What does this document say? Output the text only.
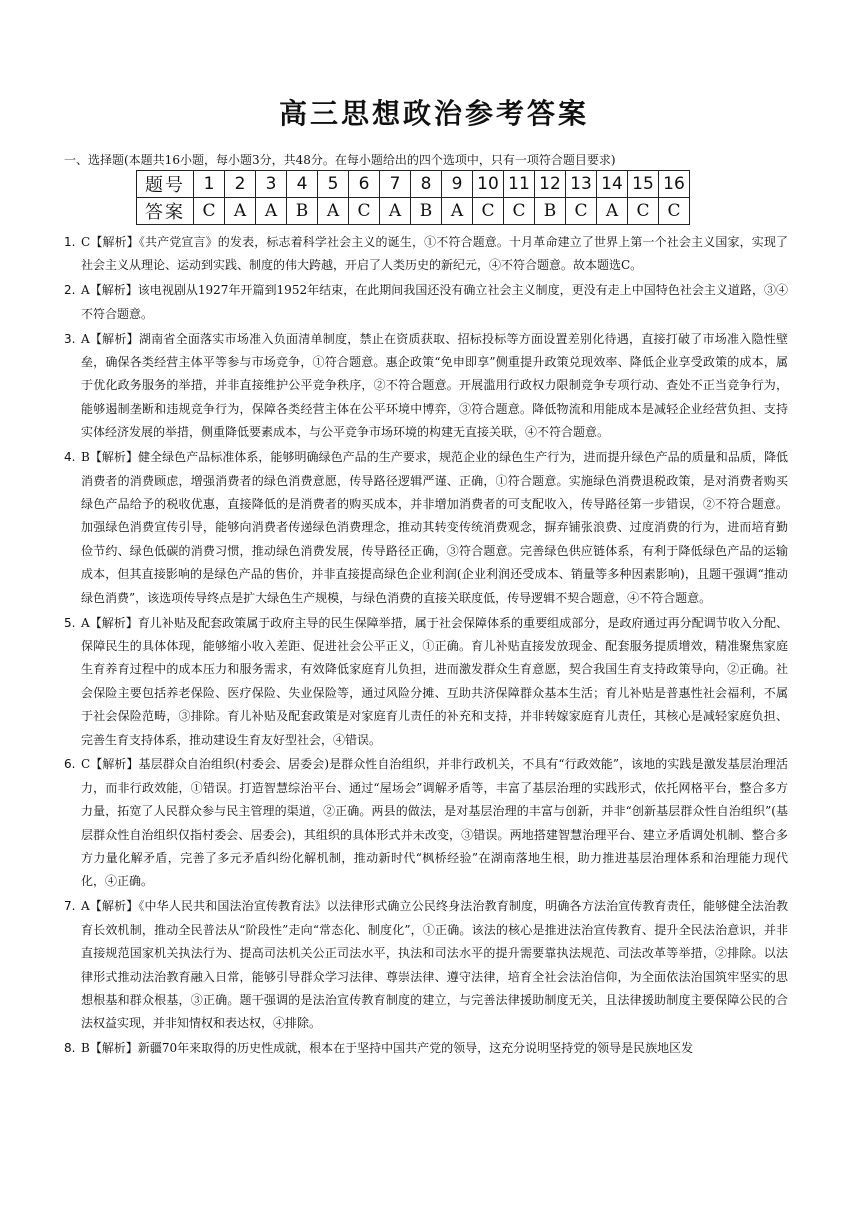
高三思想政治参考答案
一、选择题(本题共16小题，每小题3分，共48分。在每小题给出的四个选项中，只有一项符合题目要求)
题号	1	2	3	4	5	6	7	8	9	10	11	12	13	14	15	16
答案	C	A	A	B	A	C	A	B	A	C	C	B	C	A	C	C
1. C【解析】《共产党宣言》的发表，标志着科学社会主义的诞生，①不符合题意。十月革命建立了世界上第一个社会主义国家，实现了社会主义从理论、运动到实践、制度的伟大跨越，开启了人类历史的新纪元，④不符合题意。故本题选C。
2. A【解析】该电视剧从1927年开篇到1952年结束，在此期间我国还没有确立社会主义制度，更没有走上中国特色社会主义道路，③④不符合题意。
3. A【解析】湖南省全面落实市场准入负面清单制度，禁止在资质获取、招标投标等方面设置差别化待遇，直接打破了市场准入隐性壁垒，确保各类经营主体平等参与市场竞争，①符合题意。惠企政策“免申即享”侧重提升政策兑现效率、降低企业享受政策的成本，属于优化政务服务的举措，并非直接维护公平竞争秩序，②不符合题意。开展滥用行政权力限制竞争专项行动、查处不正当竞争行为，能够遏制垄断和违规竞争行为，保障各类经营主体在公平环境中博弈，③符合题意。降低物流和用能成本是减轻企业经营负担、支持实体经济发展的举措，侧重降低要素成本，与公平竞争市场环境的构建无直接关联，④不符合题意。
4. B【解析】健全绿色产品标准体系，能够明确绿色产品的生产要求，规范企业的绿色生产行为，进而提升绿色产品的质量和品质，降低消费者的消费顾虑，增强消费者的绿色消费意愿，传导路径逻辑严谨、正确，①符合题意。实施绿色消费退税政策，是对消费者购买绿色产品给予的税收优惠，直接降低的是消费者的购买成本，并非增加消费者的可支配收入，传导路径第一步错误，②不符合题意。加强绿色消费宣传引导，能够向消费者传递绿色消费理念，推动其转变传统消费观念，摒弃铺张浪费、过度消费的行为，进而培育勤俭节约、绿色低碳的消费习惯，推动绿色消费发展，传导路径正确，③符合题意。完善绿色供应链体系，有利于降低绿色产品的运输成本，但其直接影响的是绿色产品的售价，并非直接提高绿色企业利润(企业利润还受成本、销量等多种因素影响)，且题干强调“推动绿色消费”，该选项传导终点是扩大绿色生产规模，与绿色消费的直接关联度低，传导逻辑不契合题意，④不符合题意。
5. A【解析】育儿补贴及配套政策属于政府主导的民生保障举措，属于社会保障体系的重要组成部分，是政府通过再分配调节收入分配、保障民生的具体体现，能够缩小收入差距、促进社会公平正义，①正确。育儿补贴直接发放现金、配套服务提质增效，精准聚焦家庭生育养育过程中的成本压力和服务需求，有效降低家庭育儿负担，进而激发群众生育意愿，契合我国生育支持政策导向，②正确。社会保险主要包括养老保险、医疗保险、失业保险等，通过风险分摊、互助共济保障群众基本生活；育儿补贴是普惠性社会福利，不属于社会保险范畴，③排除。育儿补贴及配套政策是对家庭育儿责任的补充和支持，并非转嫁家庭育儿责任，其核心是减轻家庭负担、完善生育支持体系，推动建设生育友好型社会，④错误。
6. C【解析】基层群众自治组织(村委会、居委会)是群众性自治组织，并非行政机关，不具有“行政效能”，该地的实践是激发基层治理活力，而非行政效能，①错误。打造智慧综治平台、通过“屋场会”调解矛盾等，丰富了基层治理的实践形式，依托网格平台，整合多方力量，拓宽了人民群众参与民主管理的渠道，②正确。两县的做法，是对基层治理的丰富与创新，并非“创新基层群众性自治组织”(基层群众性自治组织仅指村委会、居委会)，其组织的具体形式并未改变，③错误。两地搭建智慧治理平台、建立矛盾调处机制、整合多方力量化解矛盾，完善了多元矛盾纠纷化解机制，推动新时代“枫桥经验”在湖南落地生根，助力推进基层治理体系和治理能力现代化，④正确。
7. A【解析】《中华人民共和国法治宣传教育法》以法律形式确立公民终身法治教育制度，明确各方法治宣传教育责任，能够健全法治教育长效机制，推动全民普法从“阶段性”走向“常态化、制度化”，①正确。该法的核心是推进法治宣传教育、提升全民法治意识，并非直接规范国家机关执法行为、提高司法机关公正司法水平，执法和司法水平的提升需要靠执法规范、司法改革等举措，②排除。以法律形式推动法治教育融入日常，能够引导群众学习法律、尊崇法律、遵守法律，培育全社会法治信仰，为全面依法治国筑牢坚实的思想根基和群众根基，③正确。题干强调的是法治宣传教育制度的建立，与完善法律援助制度无关，且法律援助制度主要保障公民的合法权益实现，并非知情权和表达权，④排除。
8. B【解析】新疆70年来取得的历史性成就，根本在于坚持中国共产党的领导，这充分说明坚持党的领导是民族地区发
